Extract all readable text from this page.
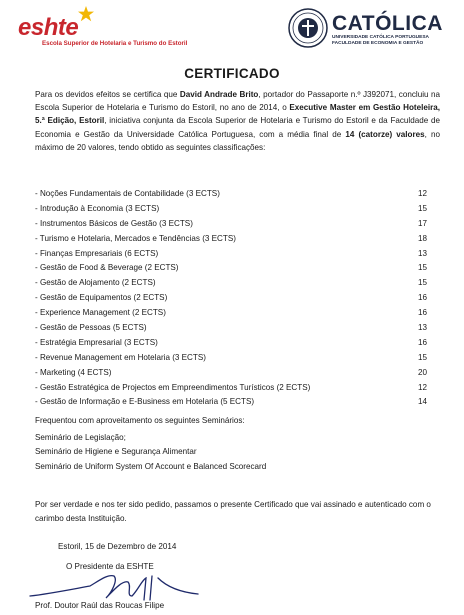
eshte
Escola Superior de Hotelaria e Turismo do Estoril
CATÓLICA
UNIVERSIDADE CATÓLICA PORTUGUESA
FACULDADE DE ECONOMIA E GESTÃO
CERTIFICADO
Para os devidos efeitos se certifica que David Andrade Brito, portador do Passaporte n.º J392071, concluiu na Escola Superior de Hotelaria e Turismo do Estoril, no ano de 2014, o Executive Master em Gestão Hoteleira, 5.ª Edição, Estoril, iniciativa conjunta da Escola Superior de Hotelaria e Turismo do Estoril e da Faculdade de Economia e Gestão da Universidade Católica Portuguesa, com a média final de 14 (catorze) valores, no máximo de 20 valores, tendo obtido as seguintes classificações:
- Noções Fundamentais de Contabilidade (3 ECTS)	12
- Introdução à Economia (3 ECTS)	15
- Instrumentos Básicos de Gestão (3 ECTS)	17
- Turismo e Hotelaria, Mercados e Tendências (3 ECTS)	18
- Finanças Empresariais (6 ECTS)	13
- Gestão de Food & Beverage (2 ECTS)	15
- Gestão de Alojamento (2 ECTS)	15
- Gestão de Equipamentos (2 ECTS)	16
- Experience Management (2 ECTS)	16
- Gestão de Pessoas (5 ECTS)	13
- Estratégia Empresarial (3 ECTS)	16
- Revenue Management em Hotelaria (3 ECTS)	15
- Marketing (4 ECTS)	20
- Gestão Estratégica de Projectos em Empreendimentos Turísticos (2 ECTS)	12
- Gestão de Informação e E-Business em Hotelaria (5 ECTS)	14
Frequentou com aproveitamento os seguintes Seminários:
Seminário de Legislação;
Seminário de Higiene e Segurança Alimentar
Seminário de Uniform System Of Account e Balanced Scorecard
Por ser verdade e nos ter sido pedido, passamos o presente Certificado que vai assinado e autenticado com o carimbo desta Instituição.
Estoril, 15 de Dezembro de 2014
O Presidente da ESHTE
Prof. Doutor Raúl das Roucas Filipe
